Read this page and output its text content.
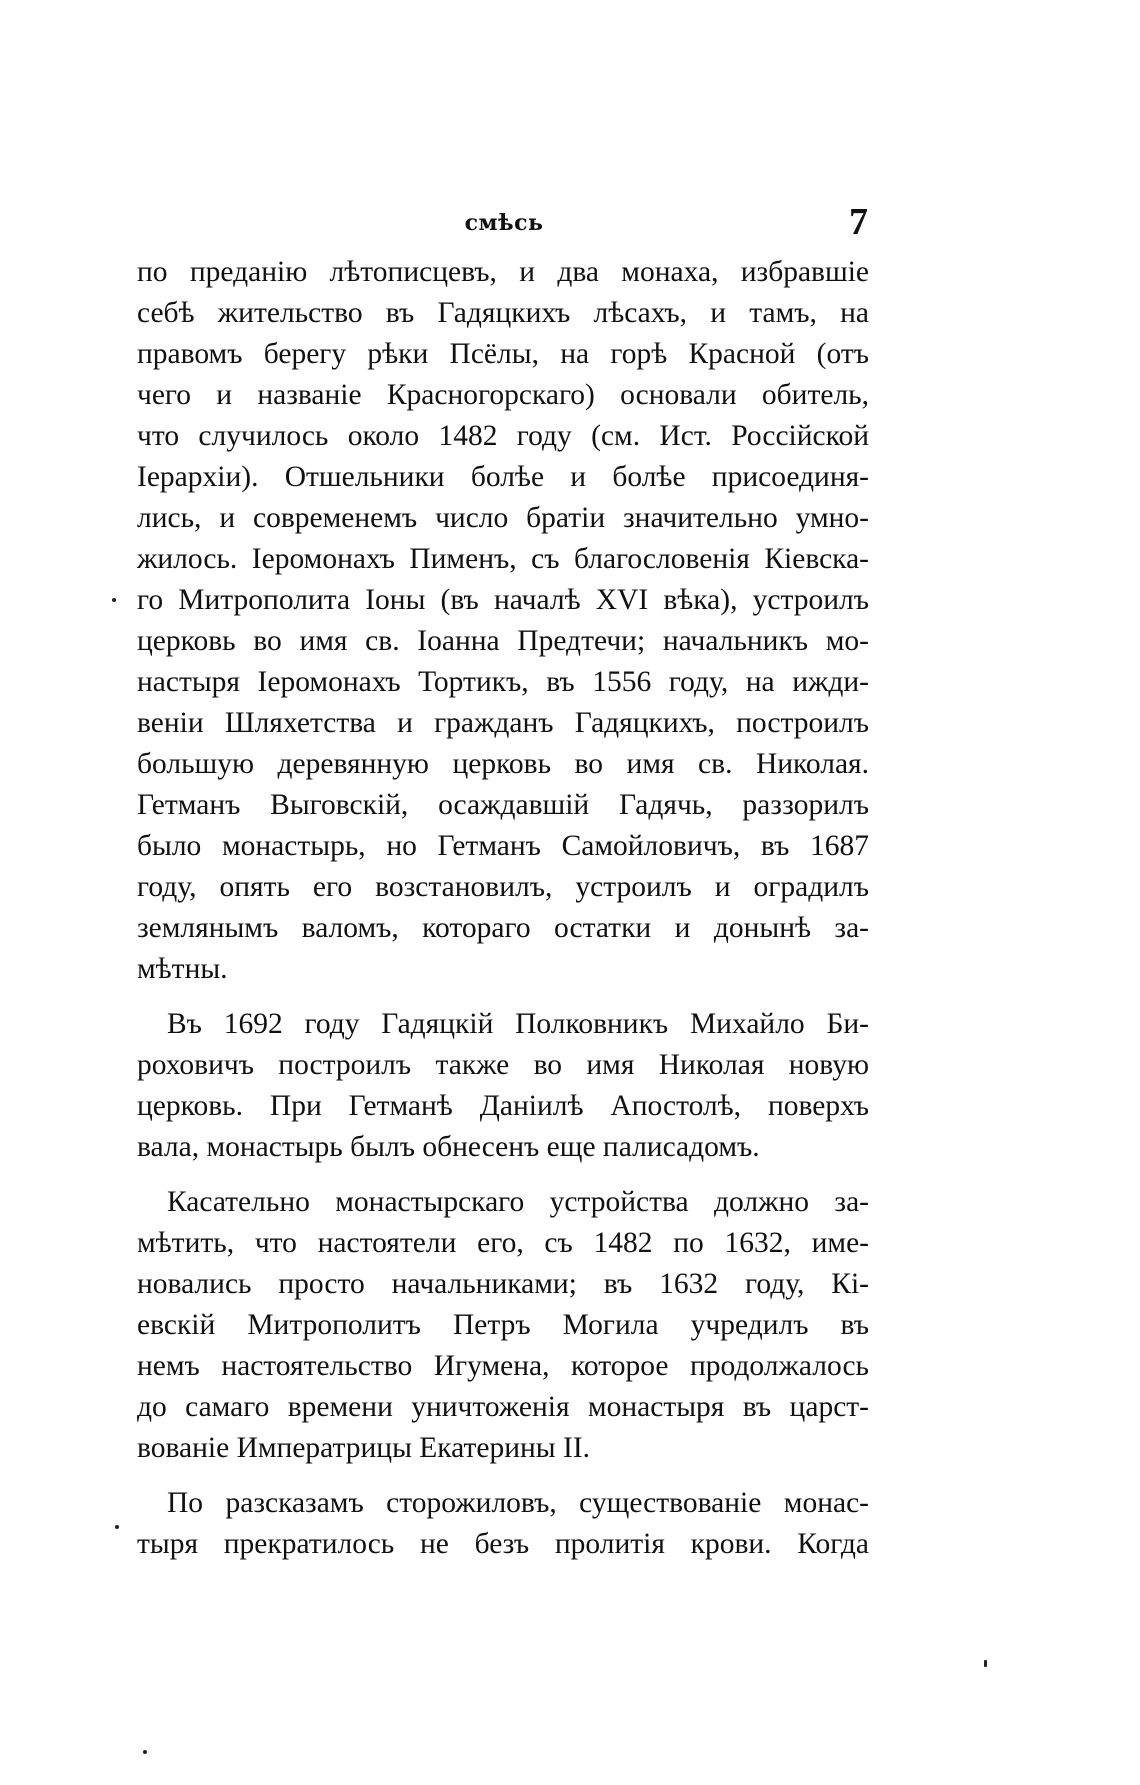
смѣсь	7

по преданію лѣтописцевъ, и два монаха, избравшіе
себѣ жительство въ Гадяцкихъ лѣсахъ, и тамъ, на
правомъ берегу рѣки Псёлы, на горѣ Красной (отъ
чего и названіе Красногорскаго) основали обитель,
что случилось около 1482 году (см. Ист. Россійской
Іерархіи). Отшельники болѣе и болѣе присоединя-
лись, и современемъ число братіи значительно умно-
жилось. Іеромонахъ Пименъ, съ благословенія Кіевска-
го Митрополита Іоны (въ началѣ XVI вѣка), устроилъ
церковь во имя св. Іоанна Предтечи; начальникъ мо-
настыря Іеромонахъ Тортикъ, въ 1556 году, на ижди-
веніи Шляхетства и гражданъ Гадяцкихъ, построилъ
большую деревянную церковь во имя св. Николая.
Гетманъ Выговскій, осаждавшій Гадячь, раззорилъ
было монастырь, но Гетманъ Самойловичъ, въ 1687
году, опять его возстановилъ, устроилъ и оградилъ
землянымъ валомъ, котораго остатки и донынѣ за-
мѣтны.

Въ 1692 году Гадяцкій Полковникъ Михайло Би-
роховичъ построилъ также во имя Николая новую
церковь. При Гетманѣ Даніилѣ Апостолѣ, поверхъ
вала, монастырь былъ обнесенъ еще палисадомъ.

Касательно монастырскаго устройства должно за-
мѣтить, что настоятели его, съ 1482 по 1632, име-
новались просто начальниками; въ 1632 году, Кі-
евскій Митрополитъ Петръ Могила учредилъ въ
немъ настоятельство Игумена, которое продолжалось
до самаго времени уничтоженія монастыря въ царст-
вованіе Императрицы Екатерины II.

По разсказамъ сторожиловъ, существованіе монас-
тыря прекратилось не безъ пролитія крови. Когда
